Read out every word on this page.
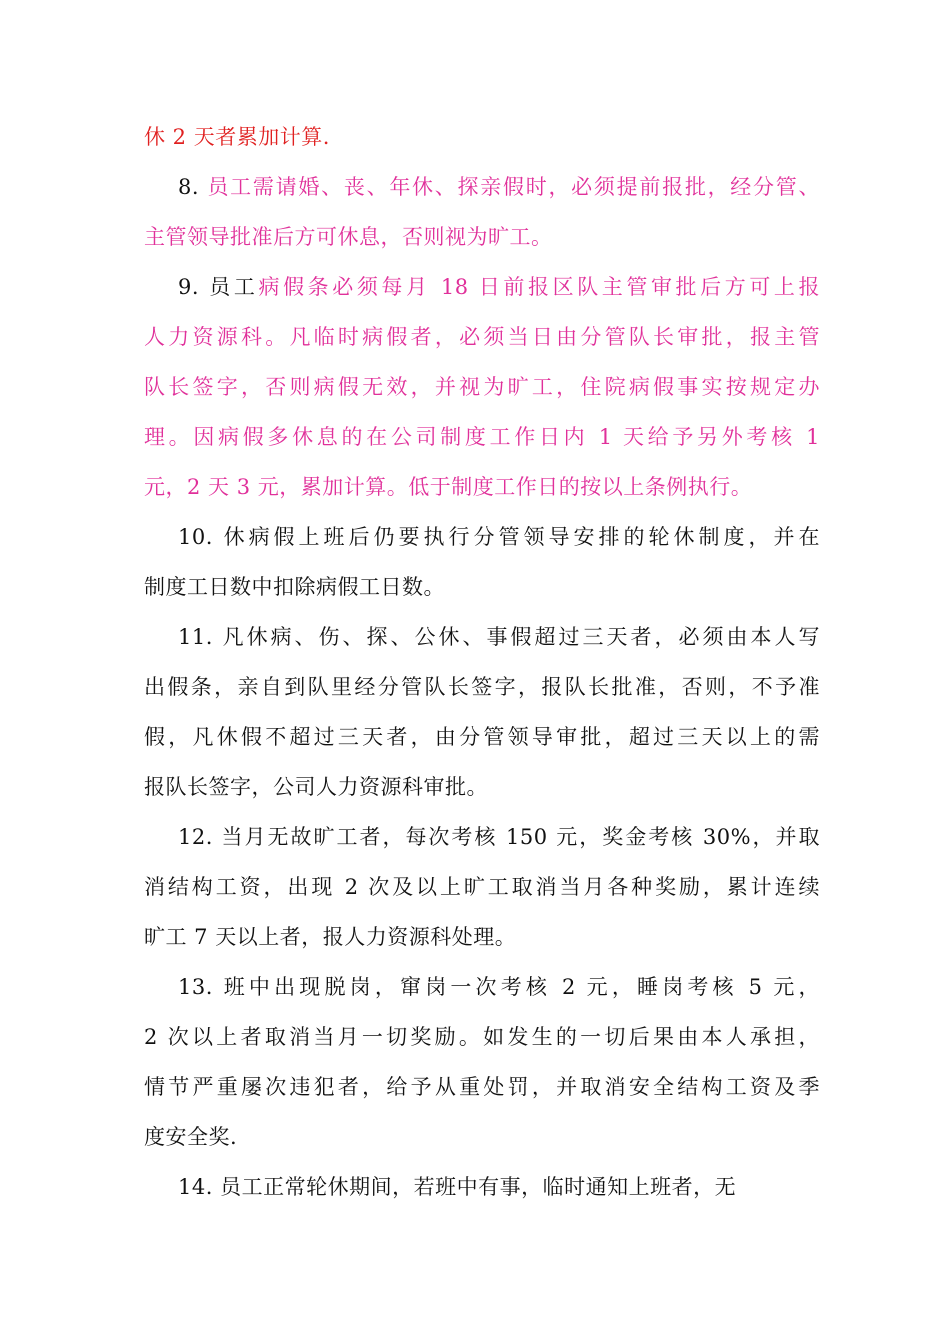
休 2 天者累加计算.
8. 员工需请婚、丧、年休、探亲假时，必须提前报批，经分管、
主管领导批准后方可休息，否则视为旷工。
9. 员工病假条必须每月 18 日前报区队主管审批后方可上报
人力资源科。凡临时病假者，必须当日由分管队长审批，报主管
队长签字，否则病假无效，并视为旷工，住院病假事实按规定办
理。因病假多休息的在公司制度工作日内 1 天给予另外考核 1
元，2 天 3 元，累加计算。低于制度工作日的按以上条例执行。
10. 休病假上班后仍要执行分管领导安排的轮休制度，并在
制度工日数中扣除病假工日数。
11. 凡休病、伤、探、公休、事假超过三天者，必须由本人写
出假条，亲自到队里经分管队长签字，报队长批准，否则，不予准
假，凡休假不超过三天者，由分管领导审批，超过三天以上的需
报队长签字，公司人力资源科审批。
12. 当月无故旷工者，每次考核 150 元，奖金考核 30%，并取
消结构工资，出现 2 次及以上旷工取消当月各种奖励，累计连续
旷工 7 天以上者，报人力资源科处理。
13. 班中出现脱岗，窜岗一次考核 2 元，睡岗考核 5 元，
2 次以上者取消当月一切奖励。如发生的一切后果由本人承担，
情节严重屡次违犯者，给予从重处罚，并取消安全结构工资及季
度安全奖.
14. 员工正常轮休期间，若班中有事，临时通知上班者，无
